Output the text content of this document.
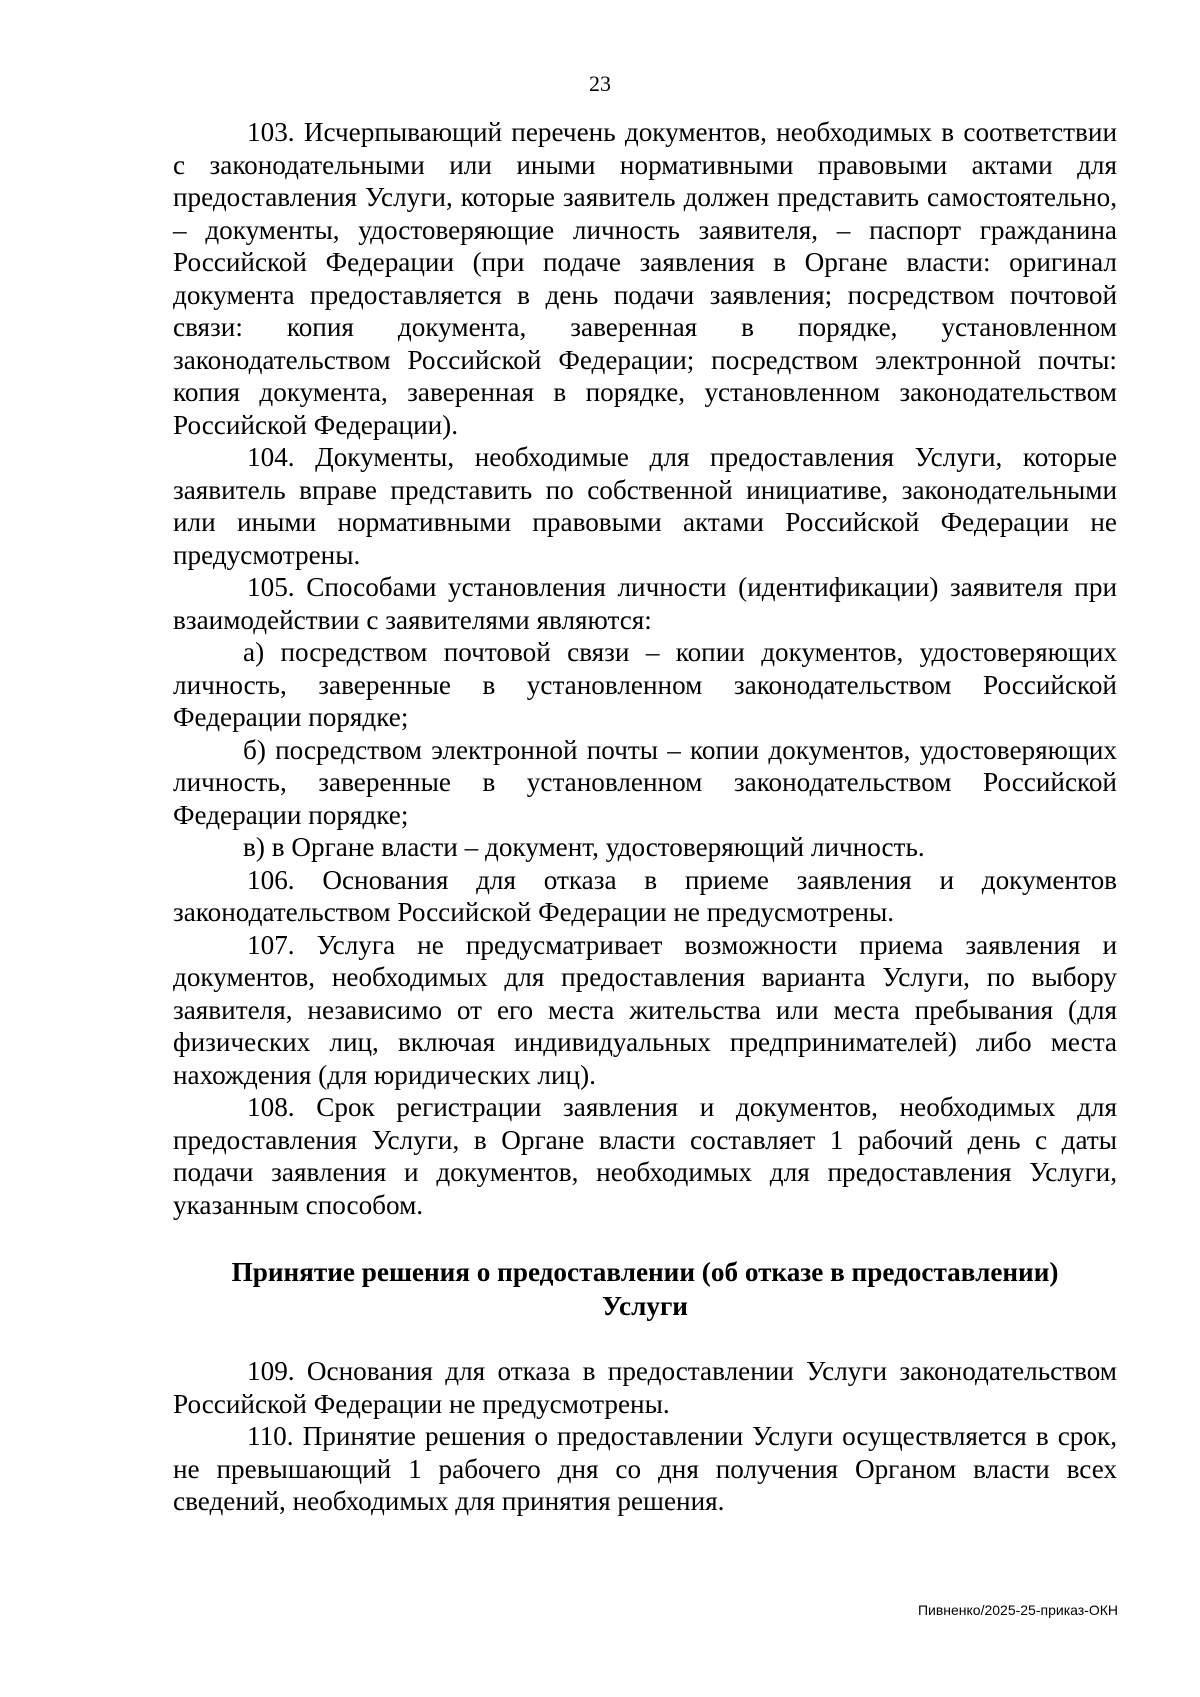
23

103. Исчерпывающий перечень документов, необходимых в соответствии с законодательными или иными нормативными правовыми актами для предоставления Услуги, которые заявитель должен представить самостоятельно, – документы, удостоверяющие личность заявителя, – паспорт гражданина Российской Федерации (при подаче заявления в Органе власти: оригинал документа предоставляется в день подачи заявления; посредством почтовой связи: копия документа, заверенная в порядке, установленном законодательством Российской Федерации; посредством электронной почты: копия документа, заверенная в порядке, установленном законодательством Российской Федерации).

104. Документы, необходимые для предоставления Услуги, которые заявитель вправе представить по собственной инициативе, законодательными или иными нормативными правовыми актами Российской Федерации не предусмотрены.

105. Способами установления личности (идентификации) заявителя при взаимодействии с заявителями являются:

а) посредством почтовой связи – копии документов, удостоверяющих личность, заверенные в установленном законодательством Российской Федерации порядке;

б) посредством электронной почты – копии документов, удостоверяющих личность, заверенные в установленном законодательством Российской Федерации порядке;

в) в Органе власти – документ, удостоверяющий личность.

106. Основания для отказа в приеме заявления и документов законодательством Российской Федерации не предусмотрены.

107. Услуга не предусматривает возможности приема заявления и документов, необходимых для предоставления варианта Услуги, по выбору заявителя, независимо от его места жительства или места пребывания (для физических лиц, включая индивидуальных предпринимателей) либо места нахождения (для юридических лиц).

108. Срок регистрации заявления и документов, необходимых для предоставления Услуги, в Органе власти составляет 1 рабочий день с даты подачи заявления и документов, необходимых для предоставления Услуги, указанным способом.

Принятие решения о предоставлении (об отказе в предоставлении)
Услуги

109. Основания для отказа в предоставлении Услуги законодательством Российской Федерации не предусмотрены.

110. Принятие решения о предоставлении Услуги осуществляется в срок, не превышающий 1 рабочего дня со дня получения Органом власти всех сведений, необходимых для принятия решения.

Пивненко/2025-25-приказ-ОКН
